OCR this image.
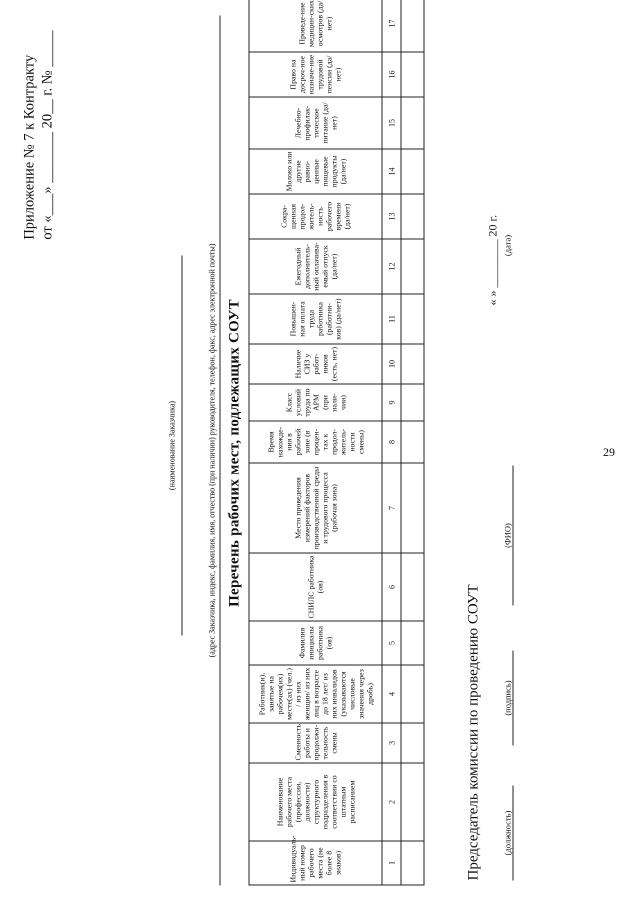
29
Приложение № 7 к Контракту от «___» _______ 20__ г. № _____
(наименование Заказчика)	(адрес Заказчика, индекс, фамилия, имя, отчество (при наличии) руководителя, телефон, факс, адрес электронной почты) Перечень рабочих мест, подлежащих СОУТ
Индивидуаль-ный номер рабочего места (не более 8 знаков)	Наименование рабочего места (профессии, должности) структурного подразделения в соответствии со штатным расписанием	Сменность работы и продолжи-тельность смены	Работник(и), занятые на рабочем(их) месте(ах) (чел.) / из них женщин/ из них лиц в возрасте до 18 лет/ из них инвалидов (указываются числовые значения через дробь)	Фамилия инициалы работника (ов)	СНИЛС работника (ов)	Место проведения измерений факторов производственной среды и трудового процесса (рабочая зона)	Время нахожде-ния в рабочей зоне (в процен-тах к продол-житель-ности смены)	Класс условий труда по АРМ (при нали-чии)	Наличие СИЗ у работ-ников (есть, нет)	Повышен-ная оплата труда работника (работни-ков) (да/нет)	Ежегодный дополнитель-ный оплачива-емый отпуск (да/нет)	Сокра-щенная продол-житель-ность рабочего времени (да/нет)	Молоко или другие равно-ценные пищевые продукты (да/нет)	Лечебно-профилак-тическое питание (да/нет)	Право на досроч-ное назначе-ние трудовой пенсии (да/нет)	Проведе-ние медицин-ских осмотров (да/нет)
1	2	3	4	5	6	7	8	9	10	11	12	13	14	15	16	17

Председатель комиссии по проведению СОУТ (должность)
(подпись)
(ФИО)
« » ________ 20 г. (дата)
